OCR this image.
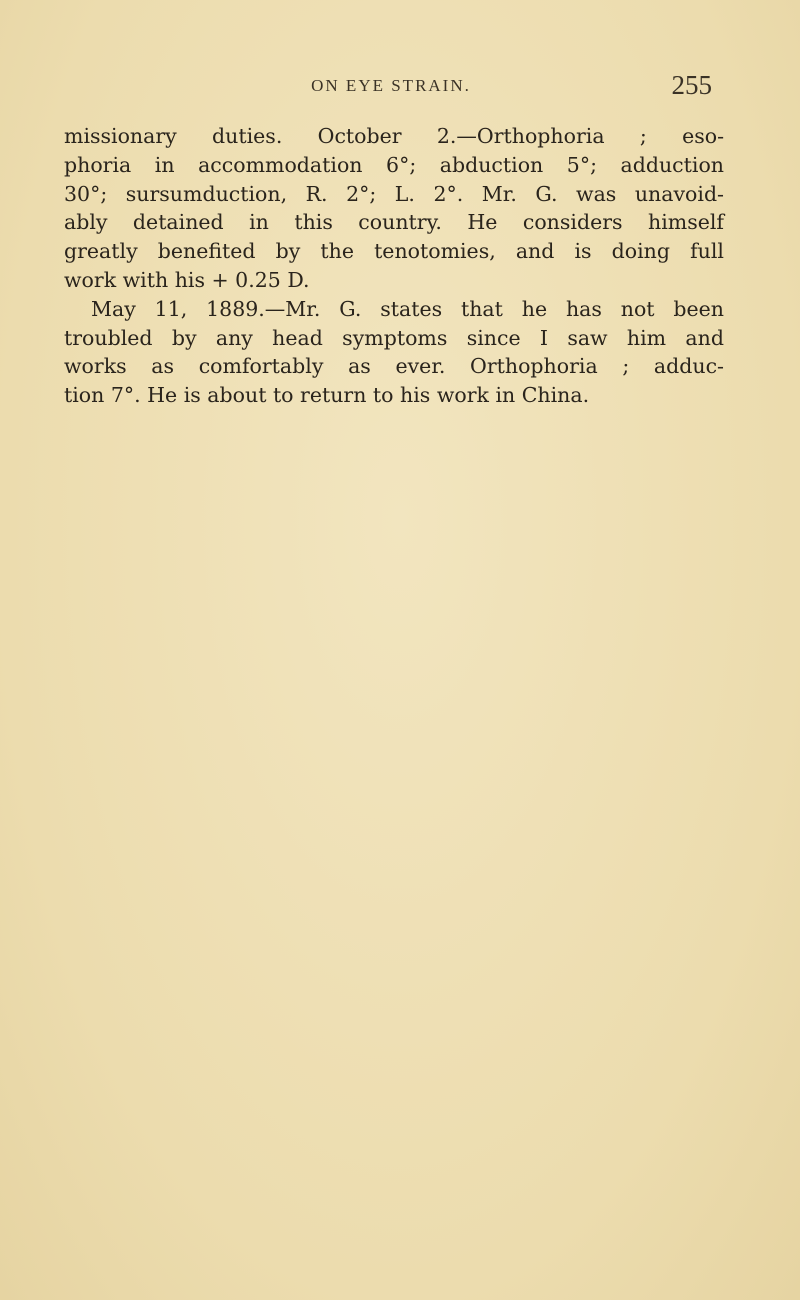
ON EYE STRAIN.	255
missionary duties. October 2.—Orthophoria ; eso-
phoria in accommodation 6°; abduction 5°; adduction
30°; sursumduction, R. 2°; L. 2°. Mr. G. was unavoid-
ably detained in this country. He considers himself
greatly benefited by the tenotomies, and is doing full
work with his + 0.25 D.
May 11, 1889.—Mr. G. states that he has not been
troubled by any head symptoms since I saw him and
works as comfortably as ever. Orthophoria ; adduc-
tion 7°. He is about to return to his work in China.
